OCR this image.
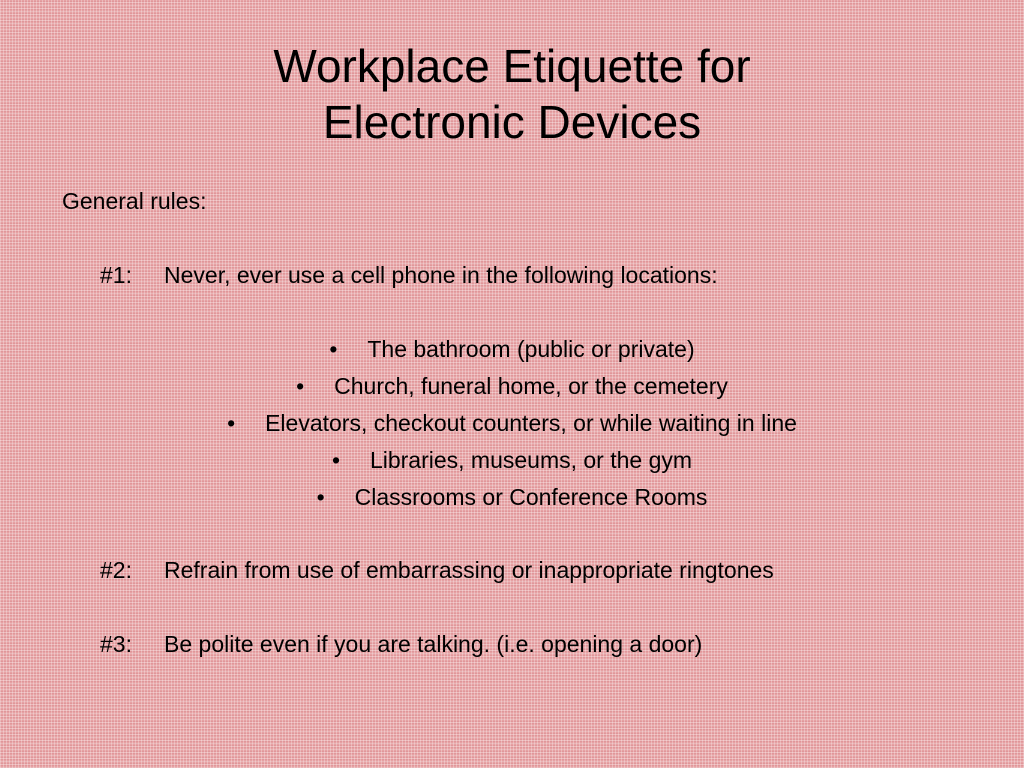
Workplace Etiquette for
Electronic Devices
General rules:
#1: Never, ever use a cell phone in the following locations:
• The bathroom (public or private)
• Church, funeral home, or the cemetery
• Elevators, checkout counters, or while waiting in line
• Libraries, museums, or the gym
• Classrooms or Conference Rooms
#2: Refrain from use of embarrassing or inappropriate ringtones
#3: Be polite even if you are talking. (i.e. opening a door)
